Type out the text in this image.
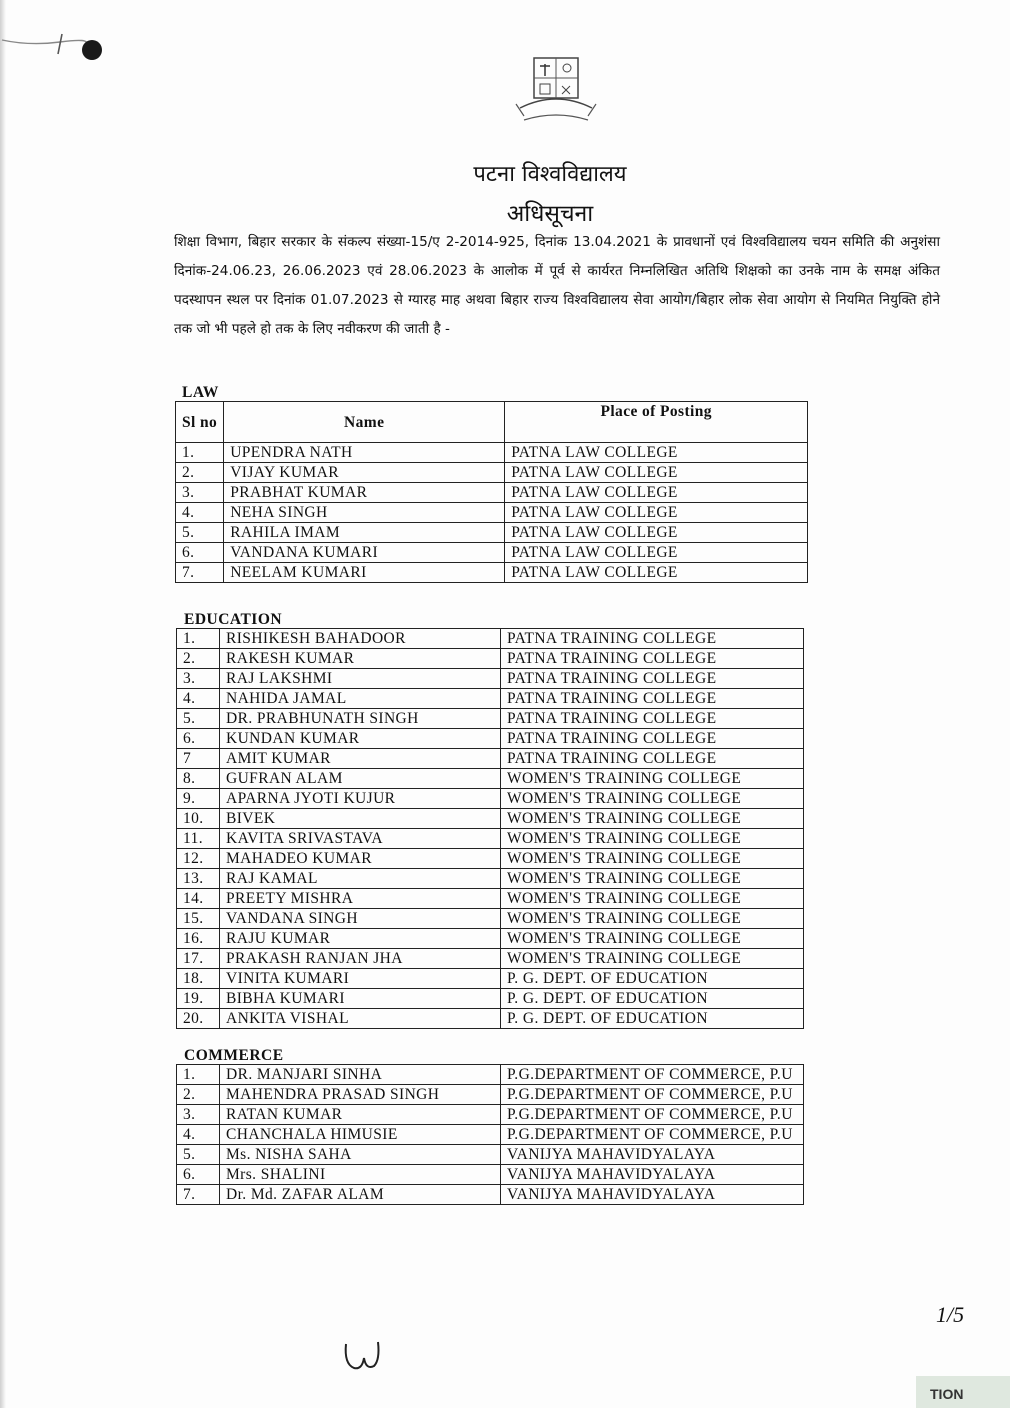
पटना विश्वविद्यालय
अधिसूचना
शिक्षा विभाग, बिहार सरकार के संकल्प संख्या-15/ए 2-2014-925, दिनांक 13.04.2021 के प्रावधानों एवं विश्वविद्यालय चयन समिति की अनुशंसा दिनांक-24.06.23, 26.06.2023 एवं 28.06.2023 के आलोक में पूर्व से कार्यरत निम्नलिखित अतिथि शिक्षको का उनके नाम के समक्ष अंकित पदस्थापन स्थल पर दिनांक 01.07.2023 से ग्यारह माह अथवा बिहार राज्य विश्वविद्यालय सेवा आयोग/बिहार लोक सेवा आयोग से नियमित नियुक्ति होने तक जो भी पहले हो तक के लिए नवीकरण की जाती है -
LAW
Sl no	Name	Place of Posting
1.	UPENDRA NATH	PATNA LAW COLLEGE
2.	VIJAY KUMAR	PATNA LAW COLLEGE
3.	PRABHAT KUMAR	PATNA LAW COLLEGE
4.	NEHA SINGH	PATNA LAW COLLEGE
5.	RAHILA IMAM	PATNA LAW COLLEGE
6.	VANDANA KUMARI	PATNA LAW COLLEGE
7.	NEELAM KUMARI	PATNA LAW COLLEGE
EDUCATION
1.	RISHIKESH BAHADOOR	PATNA TRAINING COLLEGE
2.	RAKESH KUMAR	PATNA TRAINING COLLEGE
3.	RAJ LAKSHMI	PATNA TRAINING COLLEGE
4.	NAHIDA JAMAL	PATNA TRAINING COLLEGE
5.	DR. PRABHUNATH SINGH	PATNA TRAINING COLLEGE
6.	KUNDAN KUMAR	PATNA TRAINING COLLEGE
7	AMIT KUMAR	PATNA TRAINING COLLEGE
8.	GUFRAN ALAM	WOMEN'S TRAINING COLLEGE
9.	APARNA JYOTI KUJUR	WOMEN'S TRAINING COLLEGE
10.	BIVEK	WOMEN'S TRAINING COLLEGE
11.	KAVITA SRIVASTAVA	WOMEN'S TRAINING COLLEGE
12.	MAHADEO KUMAR	WOMEN'S TRAINING COLLEGE
13.	RAJ KAMAL	WOMEN'S TRAINING COLLEGE
14.	PREETY MISHRA	WOMEN'S TRAINING COLLEGE
15.	VANDANA SINGH	WOMEN'S TRAINING COLLEGE
16.	RAJU KUMAR	WOMEN'S TRAINING COLLEGE
17.	PRAKASH RANJAN JHA	WOMEN'S TRAINING COLLEGE
18.	VINITA KUMARI	P. G. DEPT. OF EDUCATION
19.	BIBHA KUMARI	P. G. DEPT. OF EDUCATION
20.	ANKITA VISHAL	P. G. DEPT. OF EDUCATION
COMMERCE
1.	DR. MANJARI SINHA	P.G.DEPARTMENT OF COMMERCE, P.U
2.	MAHENDRA PRASAD SINGH	P.G.DEPARTMENT OF COMMERCE, P.U
3.	RATAN KUMAR	P.G.DEPARTMENT OF COMMERCE, P.U
4.	CHANCHALA HIMUSIE	P.G.DEPARTMENT OF COMMERCE, P.U
5.	Ms. NISHA SAHA	VANIJYA MAHAVIDYALAYA
6.	Mrs. SHALINI	VANIJYA MAHAVIDYALAYA
7.	Dr. Md. ZAFAR ALAM	VANIJYA MAHAVIDYALAYA
1/5
TION
